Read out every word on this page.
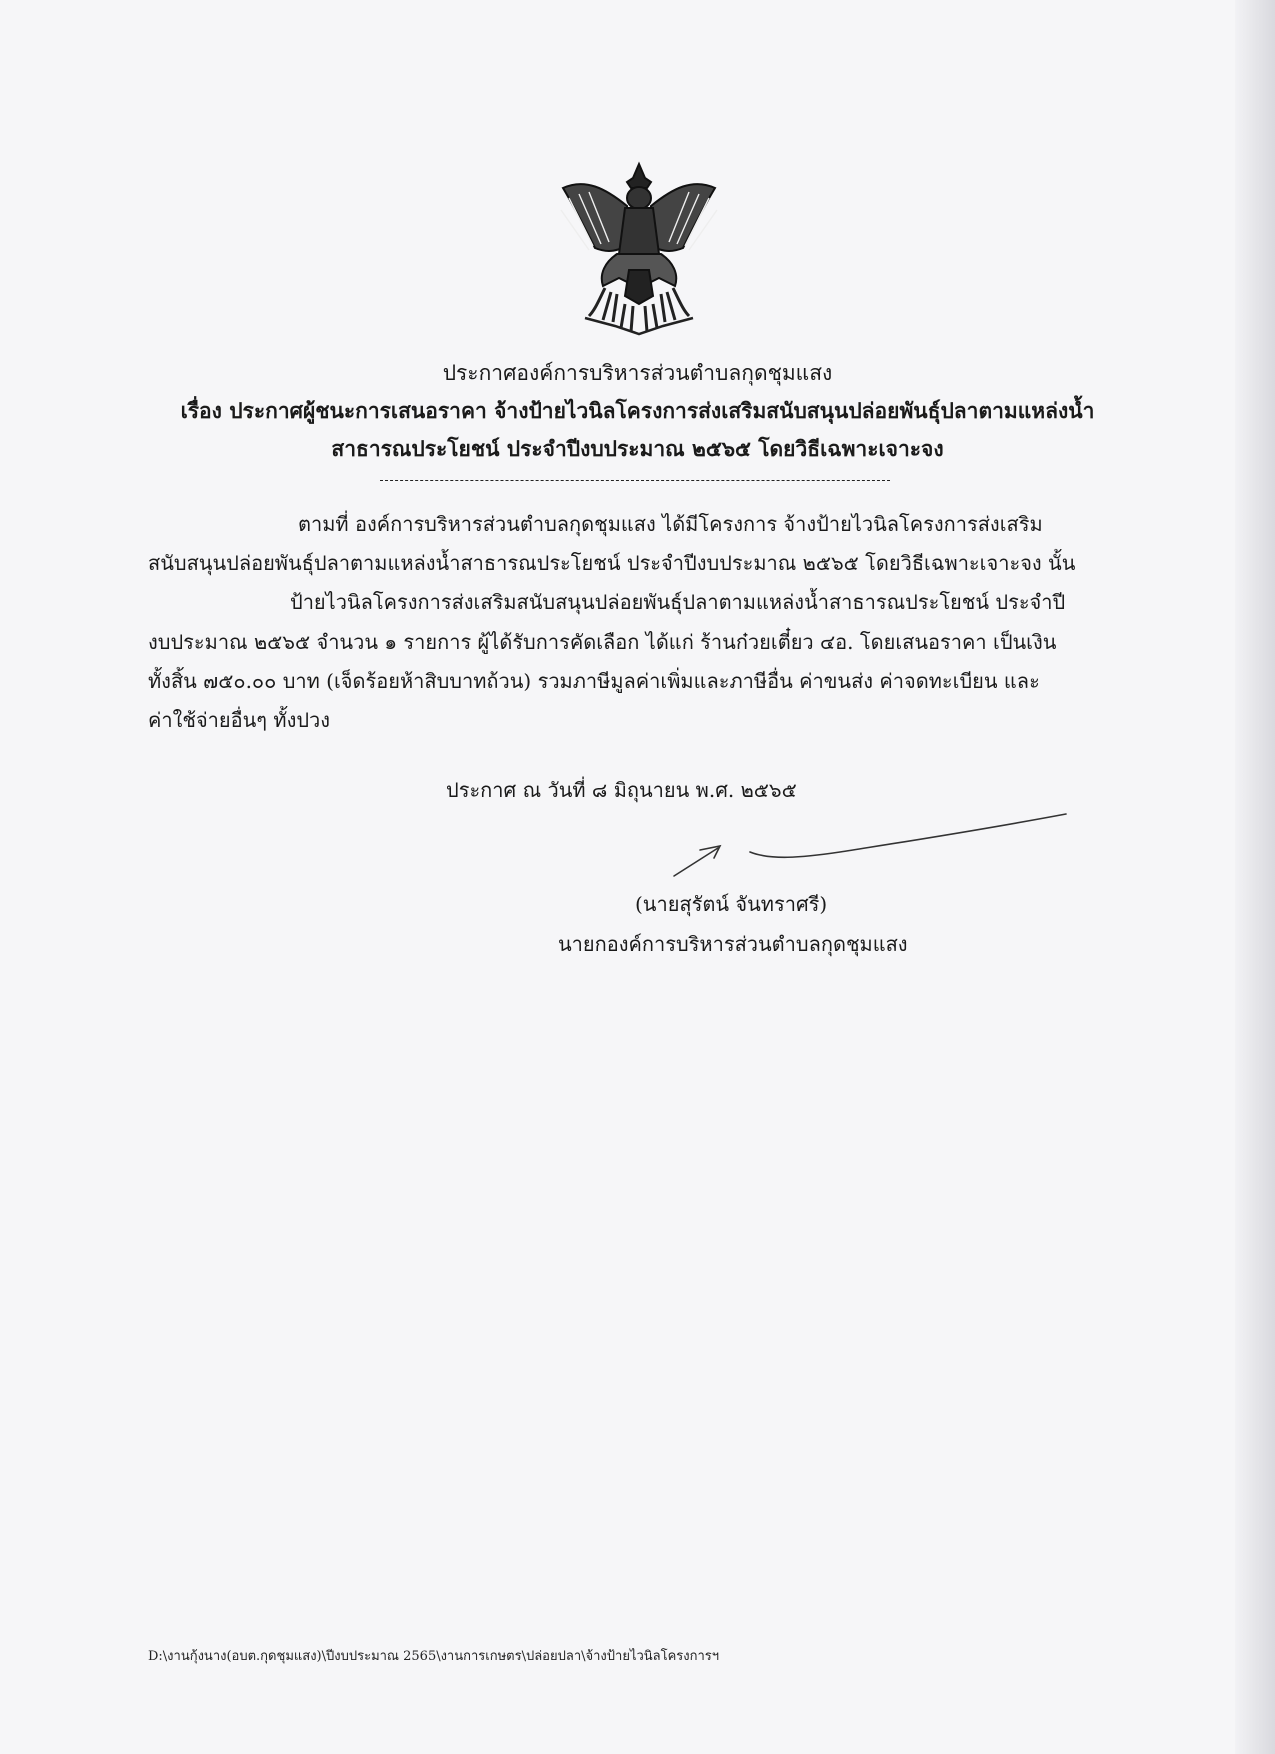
ประกาศองค์การบริหารส่วนตำบลกุดชุมแสง
เรื่อง ประกาศผู้ชนะการเสนอราคา จ้างป้ายไวนิลโครงการส่งเสริมสนับสนุนปล่อยพันธุ์ปลาตามแหล่งน้ำ
สาธารณประโยชน์ ประจำปีงบประมาณ ๒๕๖๕ โดยวิธีเฉพาะเจาะจง
ตามที่ องค์การบริหารส่วนตำบลกุดชุมแสง ได้มีโครงการ จ้างป้ายไวนิลโครงการส่งเสริม
สนับสนุนปล่อยพันธุ์ปลาตามแหล่งน้ำสาธารณประโยชน์ ประจำปีงบประมาณ ๒๕๖๕ โดยวิธีเฉพาะเจาะจง นั้น
ป้ายไวนิลโครงการส่งเสริมสนับสนุนปล่อยพันธุ์ปลาตามแหล่งน้ำสาธารณประโยชน์ ประจำปี
งบประมาณ ๒๕๖๕ จำนวน ๑ รายการ ผู้ได้รับการคัดเลือก ได้แก่ ร้านก๋วยเตี๋ยว ๔อ. โดยเสนอราคา เป็นเงิน
ทั้งสิ้น ๗๕๐.๐๐ บาท (เจ็ดร้อยห้าสิบบาทถ้วน) รวมภาษีมูลค่าเพิ่มและภาษีอื่น ค่าขนส่ง ค่าจดทะเบียน และ
ค่าใช้จ่ายอื่นๆ ทั้งปวง
ประกาศ ณ วันที่ ๘ มิถุนายน พ.ศ. ๒๕๖๕
(นายสุรัตน์ จันทราศรี)
นายกองค์การบริหารส่วนตำบลกุดชุมแสง
D:\งานกุ้งนาง(อบต.กุดชุมแสง)\ปีงบประมาณ 2565\งานการเกษตร\ปล่อยปลา\จ้างป้ายไวนิลโครงการฯ
